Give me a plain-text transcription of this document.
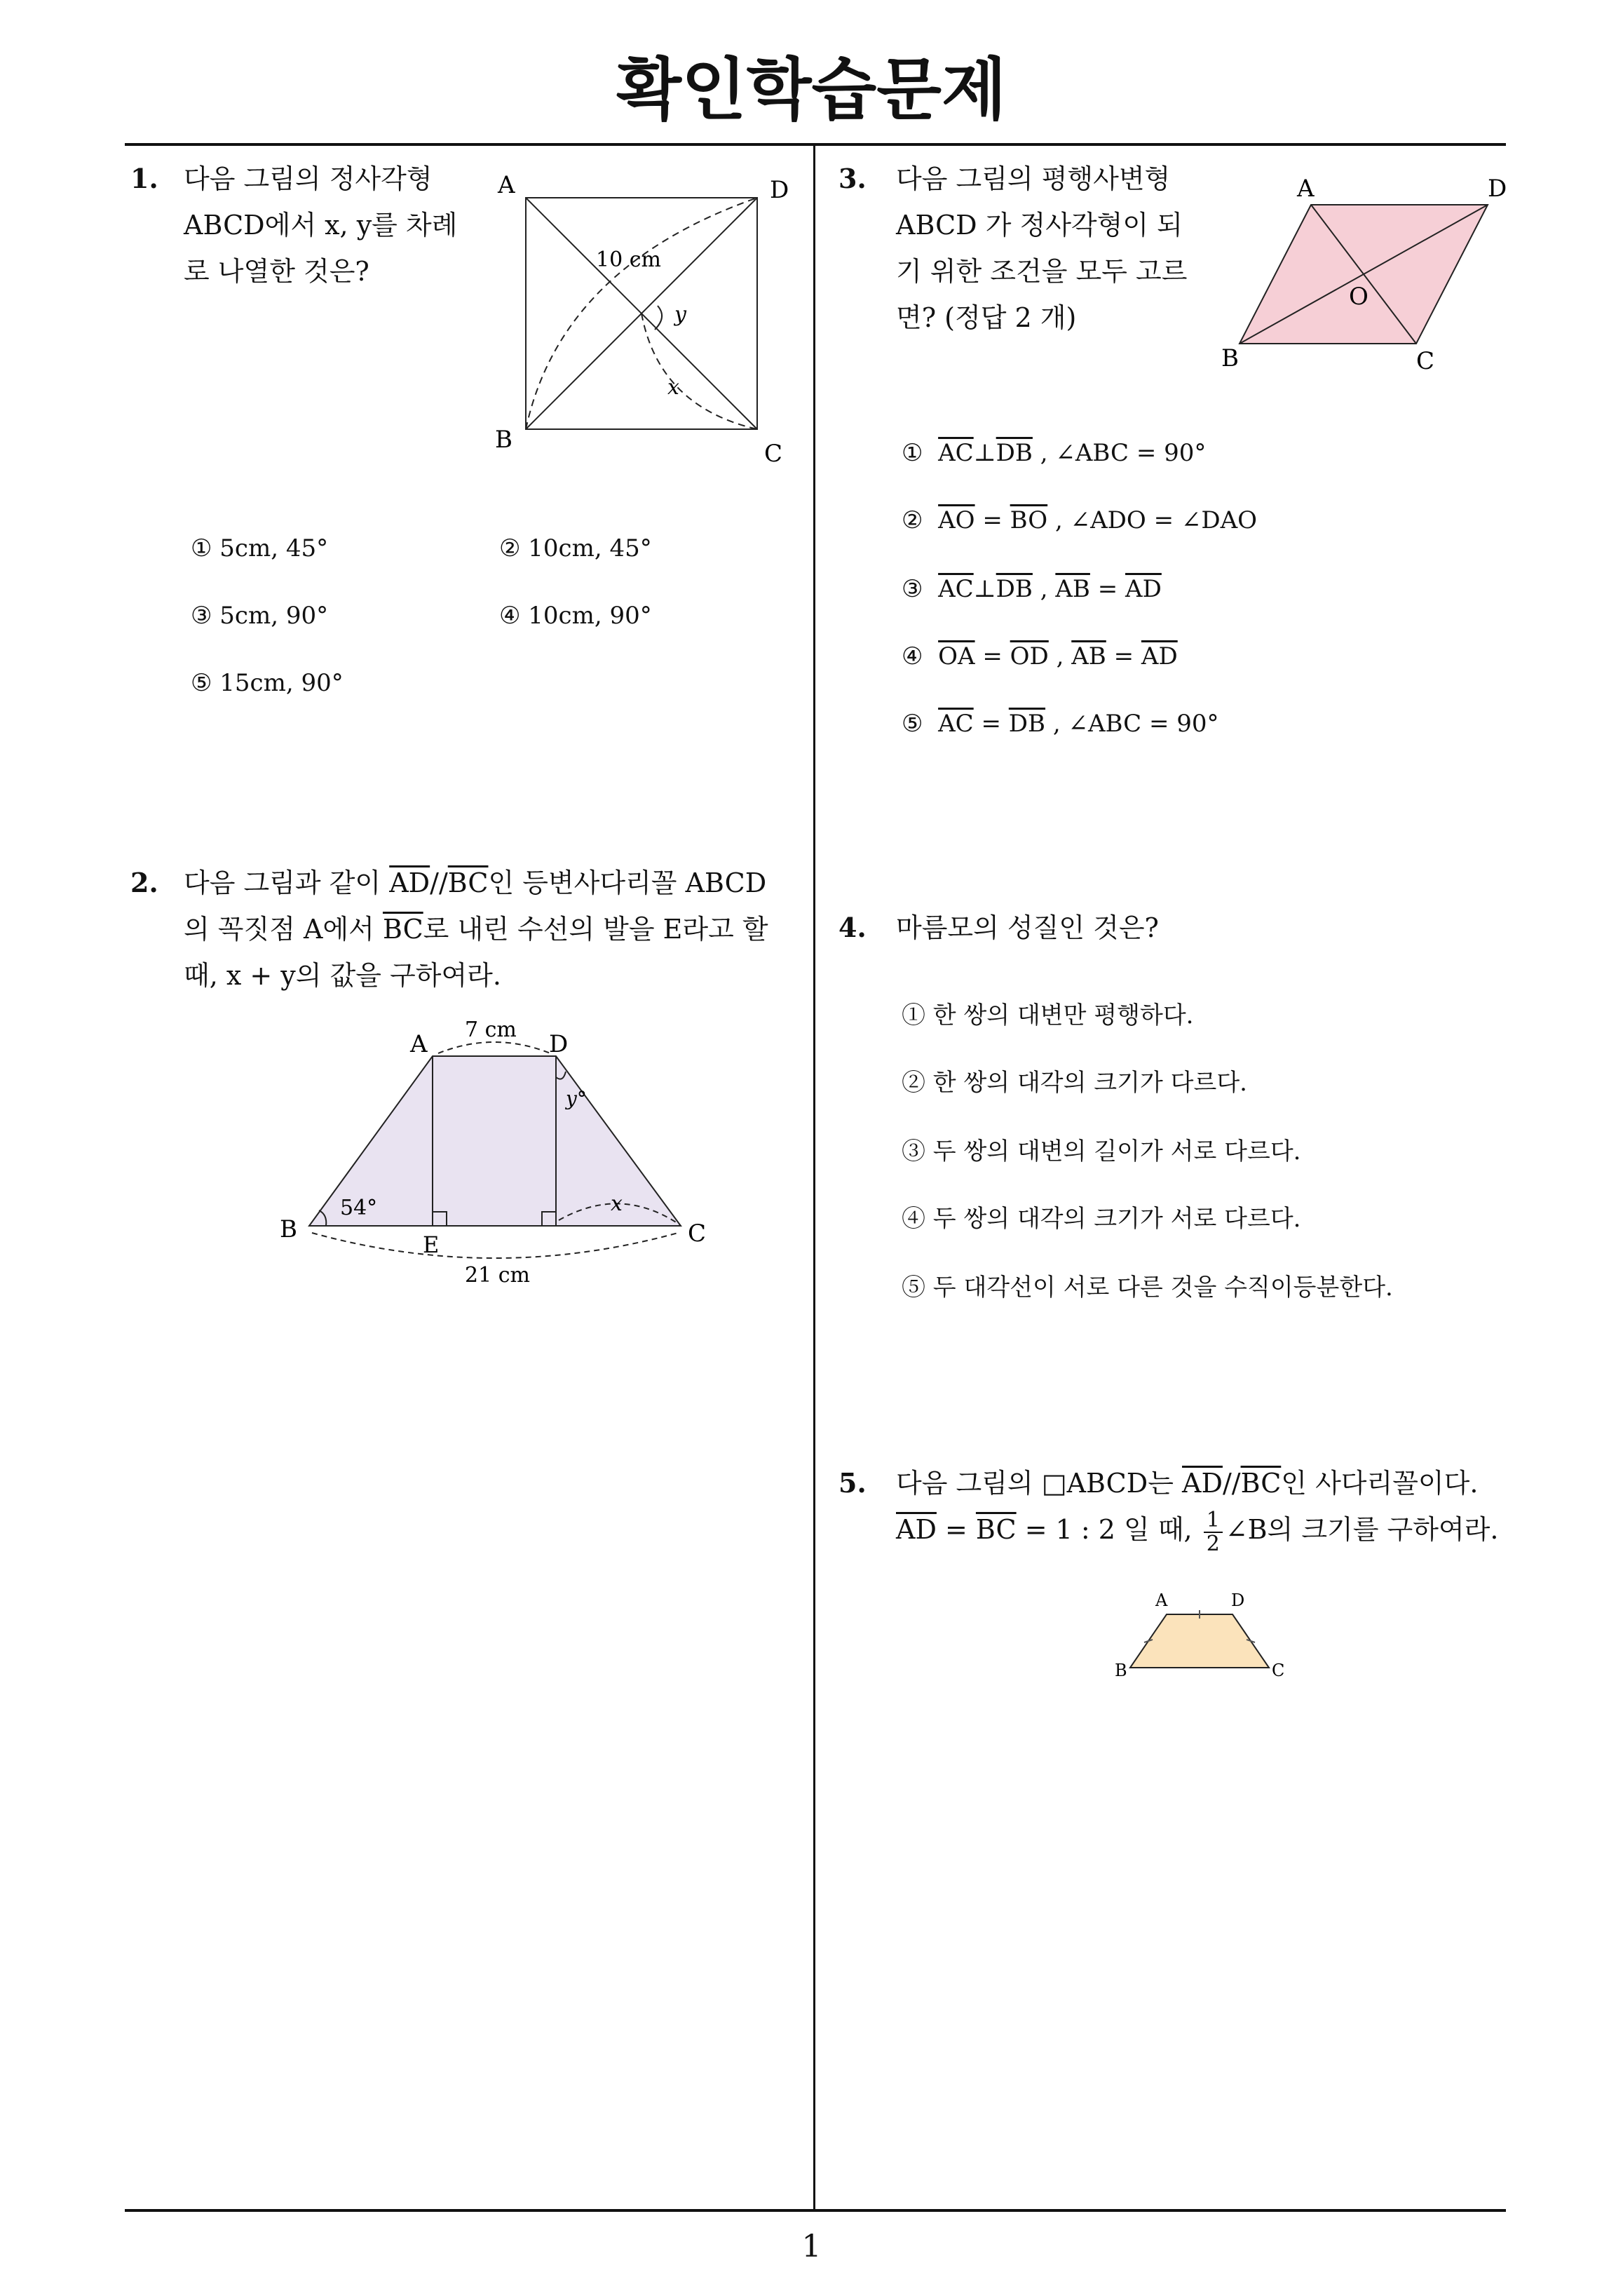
확인학습문제
1. 다음 그림의 정사각형
ABCD에서 x, y를 차례
로 나열한 것은?
A	D
B	C
10 cm
y
x
① 5cm, 45°	② 10cm, 45°
③ 5cm, 90°	④ 10cm, 90°
⑤ 15cm, 90°
2. 다음 그림과 같이 $\overline{AD}//\overline{BC}$인 등변사다리꼴 ABCD
의 꼭짓점 A에서 $\overline{BC}$로 내린 수선의 발을 E라고 할
때, x + y의 값을 구하여라.
A	D
B	C
E
7 cm
21 cm
54°	x
y°
3. 다음 그림의 평행사변형
ABCD 가 정사각형이 되
기 위한 조건을 모두 고르
면? (정답 2 개)
A	D
B	C
O
① $\overline{AC}\perp\overline{DB}$ , ∠ABC = 90°
② $\overline{AO} = \overline{BO}$ , ∠ADO = ∠DAO
③ $\overline{AC}\perp\overline{DB}$ , $\overline{AB} = \overline{AD}$
④ $\overline{OA} = \overline{OD}$ , $\overline{AB} = \overline{AD}$
⑤ $\overline{AC} = \overline{DB}$ , ∠ABC = 90°
4. 마름모의 성질인 것은?
① 한 쌍의 대변만 평행하다.
② 한 쌍의 대각의 크기가 다르다.
③ 두 쌍의 대변의 길이가 서로 다르다.
④ 두 쌍의 대각의 크기가 서로 다르다.
⑤ 두 대각선이 서로 다른 것을 수직이등분한다.
5. 다음 그림의 □ABCD는 $\overline{AD}//\overline{BC}$인 사다리꼴이다.
$\overline{AD} = \overline{BC} = 1$ : 2 일 때, $\frac{1}{2}$ ∠B의 크기를 구하여라.
A	D
B	C
1
